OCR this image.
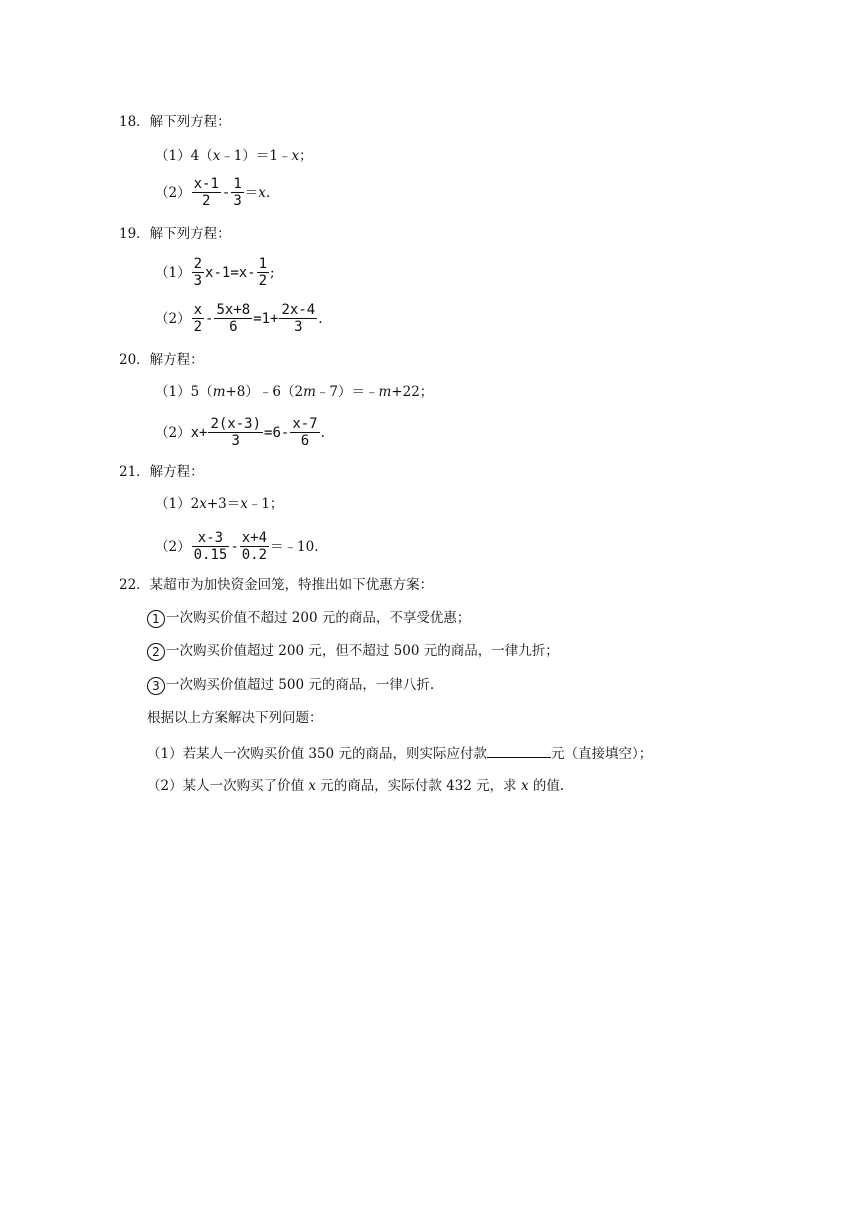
18．解下列方程：
（1）4（x﹣1）＝1﹣x；
$(2) \frac{x-1}{2} - \frac{1}{3} = x$ .
19．解下列方程：
$(1) \frac{2}{3} x-1=x- \frac{1}{2}$ ;
$(2) \frac{x}{2} - \frac{5x+8}{6} =1+ \frac{2x-4}{3}$ .
20．解方程：
（1）5（m+8）﹣6（2m﹣7）＝﹣m+22；
（2） $x+ \frac{2(x-3)}{3} =6- \frac{x-7}{6}$ .
21．解方程：
（1）2x+3＝x﹣1；
$(2) \frac{x-3}{0.15} - \frac{x+4}{0.2}$ ＝﹣10.
22．某超市为加快资金回笼，特推出如下优惠方案：
1 一次购买价值不超过 200 元的商品，不享受优惠；
2 一次购买价值超过 200 元，但不超过 500 元的商品，一律九折；
3 一次购买价值超过 500 元的商品，一律八折.
根据以上方案解决下列问题：
（1）若某人一次购买价值 350 元的商品，则实际应付款	元（直接填空）；
（2）某人一次购买了价值 x 元的商品，实际付款 432 元，求 x 的值.
